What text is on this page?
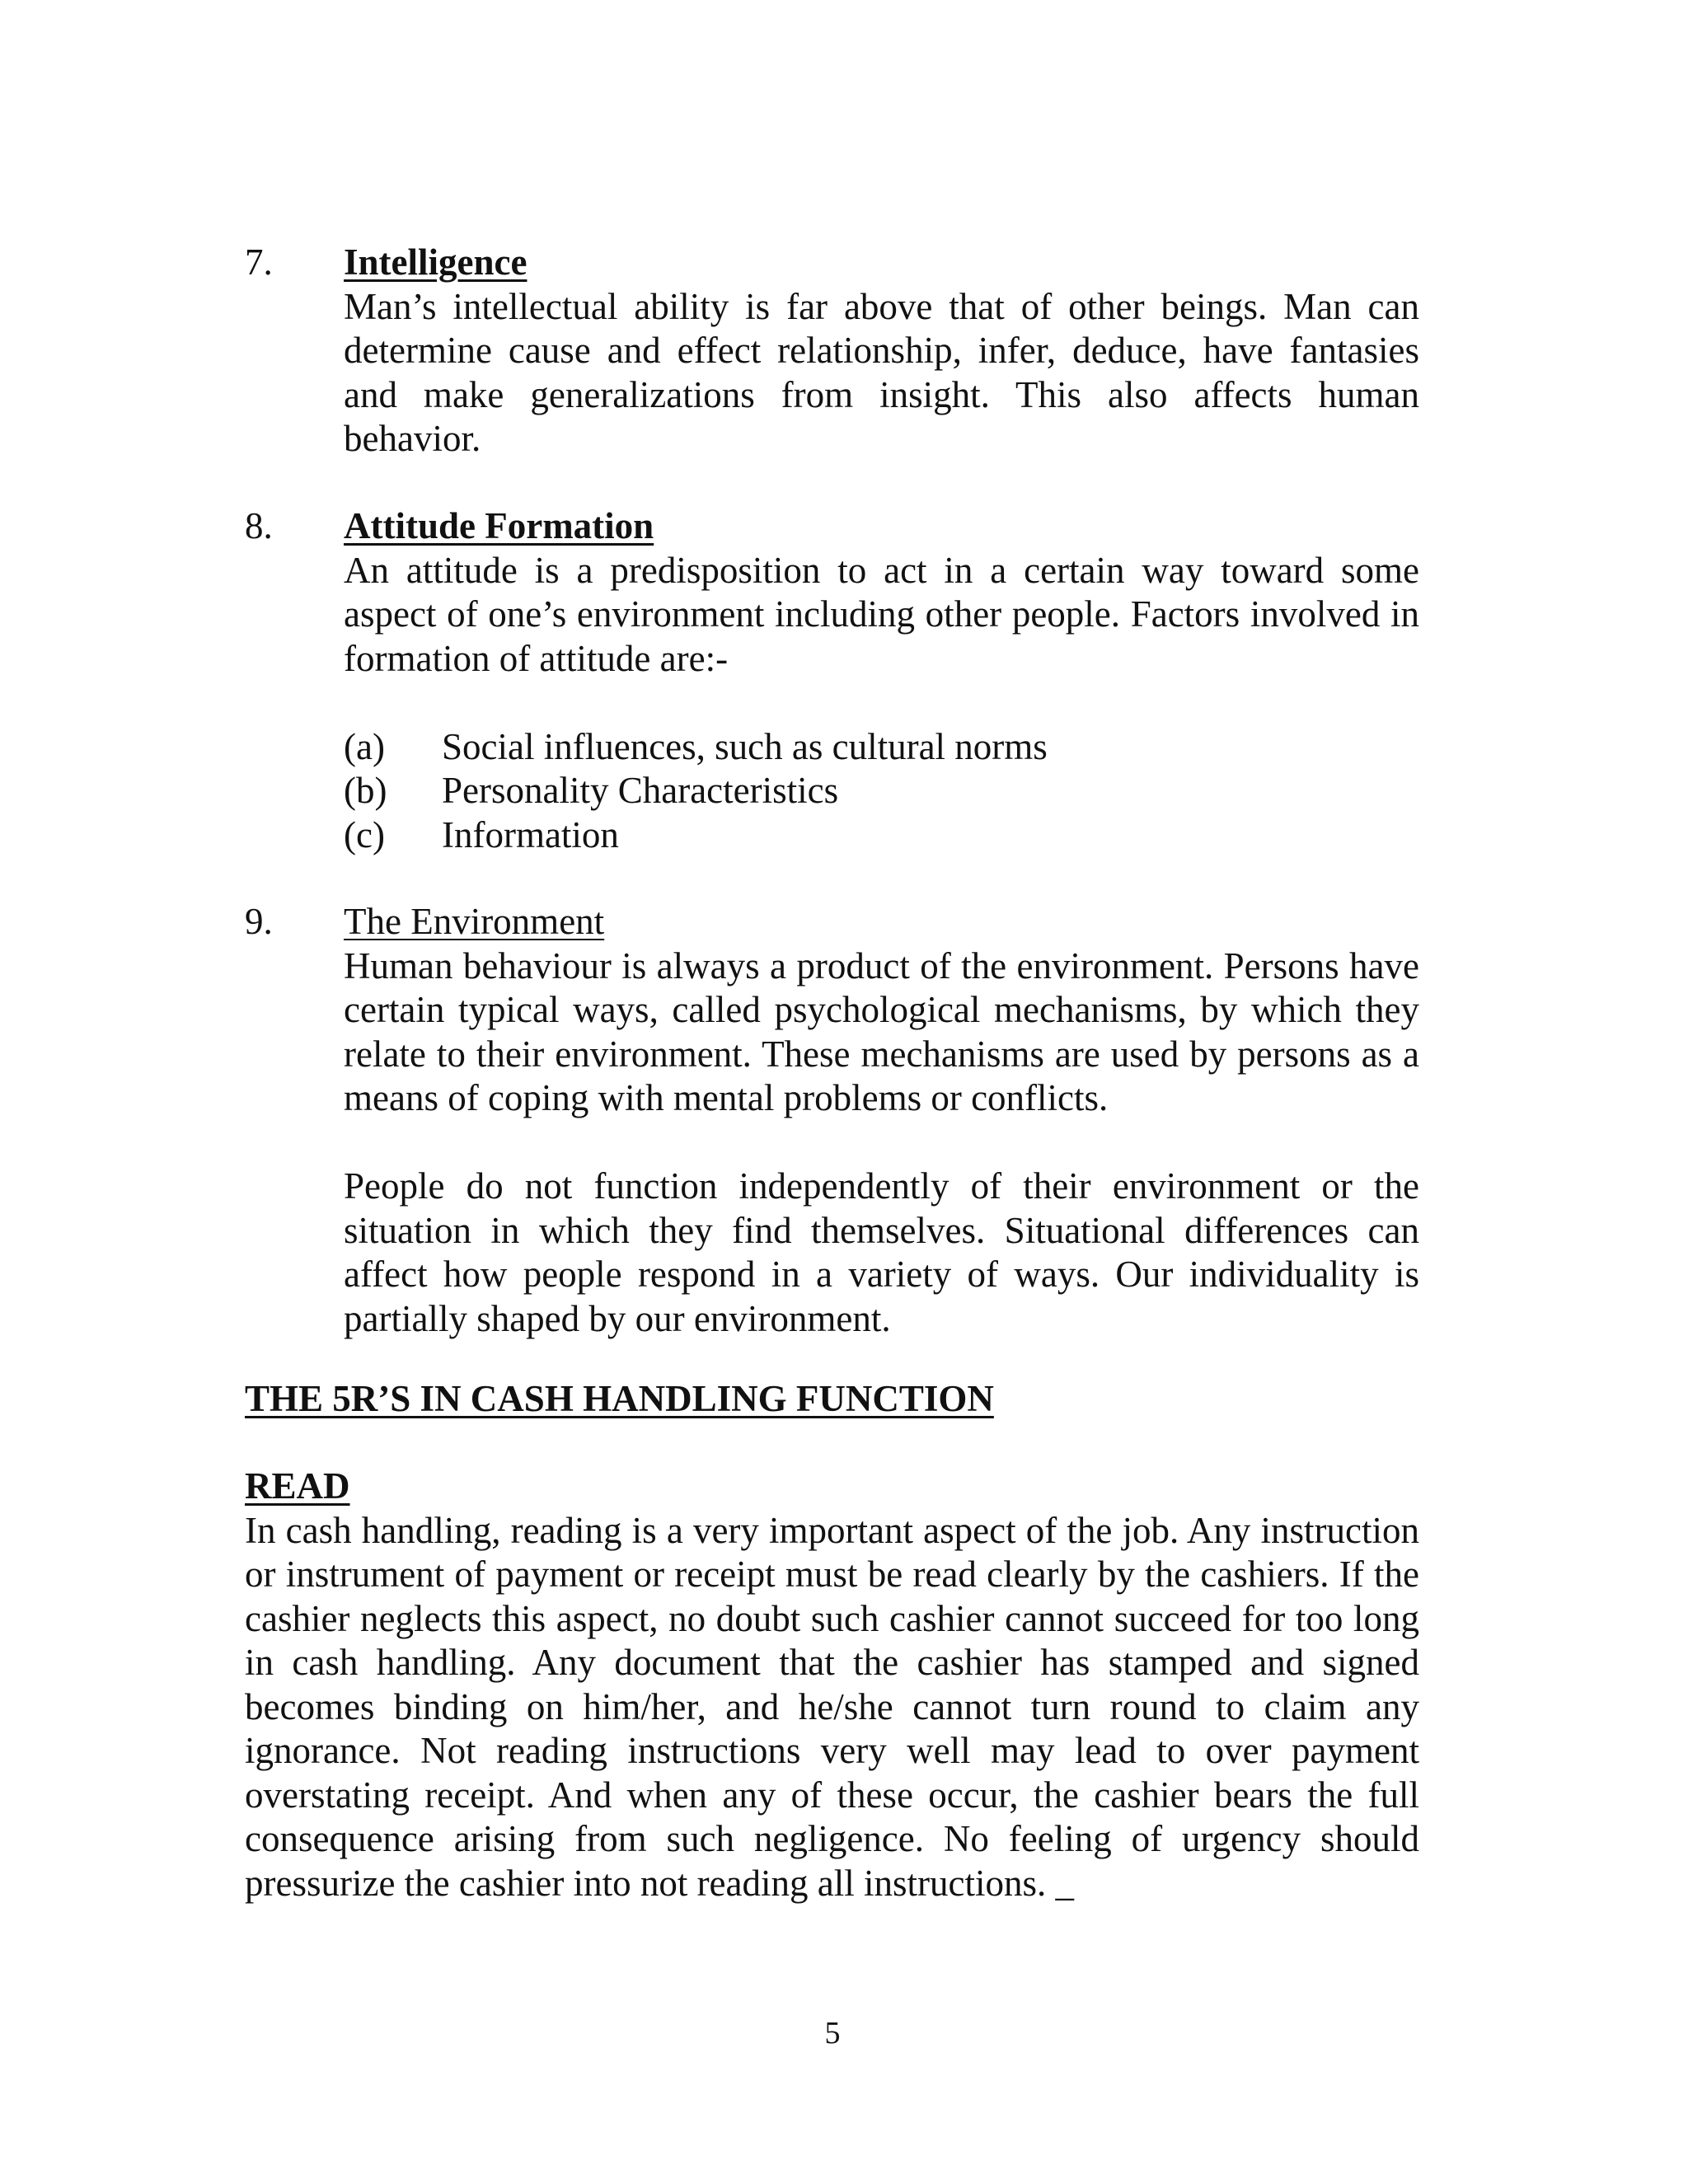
7. Intelligence

Man’s intellectual ability is far above that of other beings. Man can determine cause and effect relationship, infer, deduce, have fantasies and make generalizations from insight. This also affects human behavior.

8. Attitude Formation

An attitude is a predisposition to act in a certain way toward some aspect of one’s environment including other people. Factors involved in formation of attitude are:-

(a) Social influences, such as cultural norms
(b) Personality Characteristics
(c) Information
9. The Environment

Human behaviour is always a product of the environment. Persons have certain typical ways, called psychological mechanisms, by which they relate to their environment. These mechanisms are used by persons as a means of coping with mental problems or conflicts.

People do not function independently of their environment or the situation in which they find themselves. Situational differences can affect how people respond in a variety of ways. Our individuality is partially shaped by our environment.

THE 5R’S IN CASH HANDLING FUNCTION
READ

In cash handling, reading is a very important aspect of the job. Any instruction or instrument of payment or receipt must be read clearly by the cashiers. If the cashier neglects this aspect, no doubt such cashier cannot succeed for too long in cash handling. Any document that the cashier has stamped and signed becomes binding on him/her, and he/she cannot turn round to claim any ignorance. Not reading instructions very well may lead to over payment overstating receipt. And when any of these occur, the cashier bears the full consequence arising from such negligence. No feeling of urgency should pressurize the cashier into not reading all instructions. _

5
